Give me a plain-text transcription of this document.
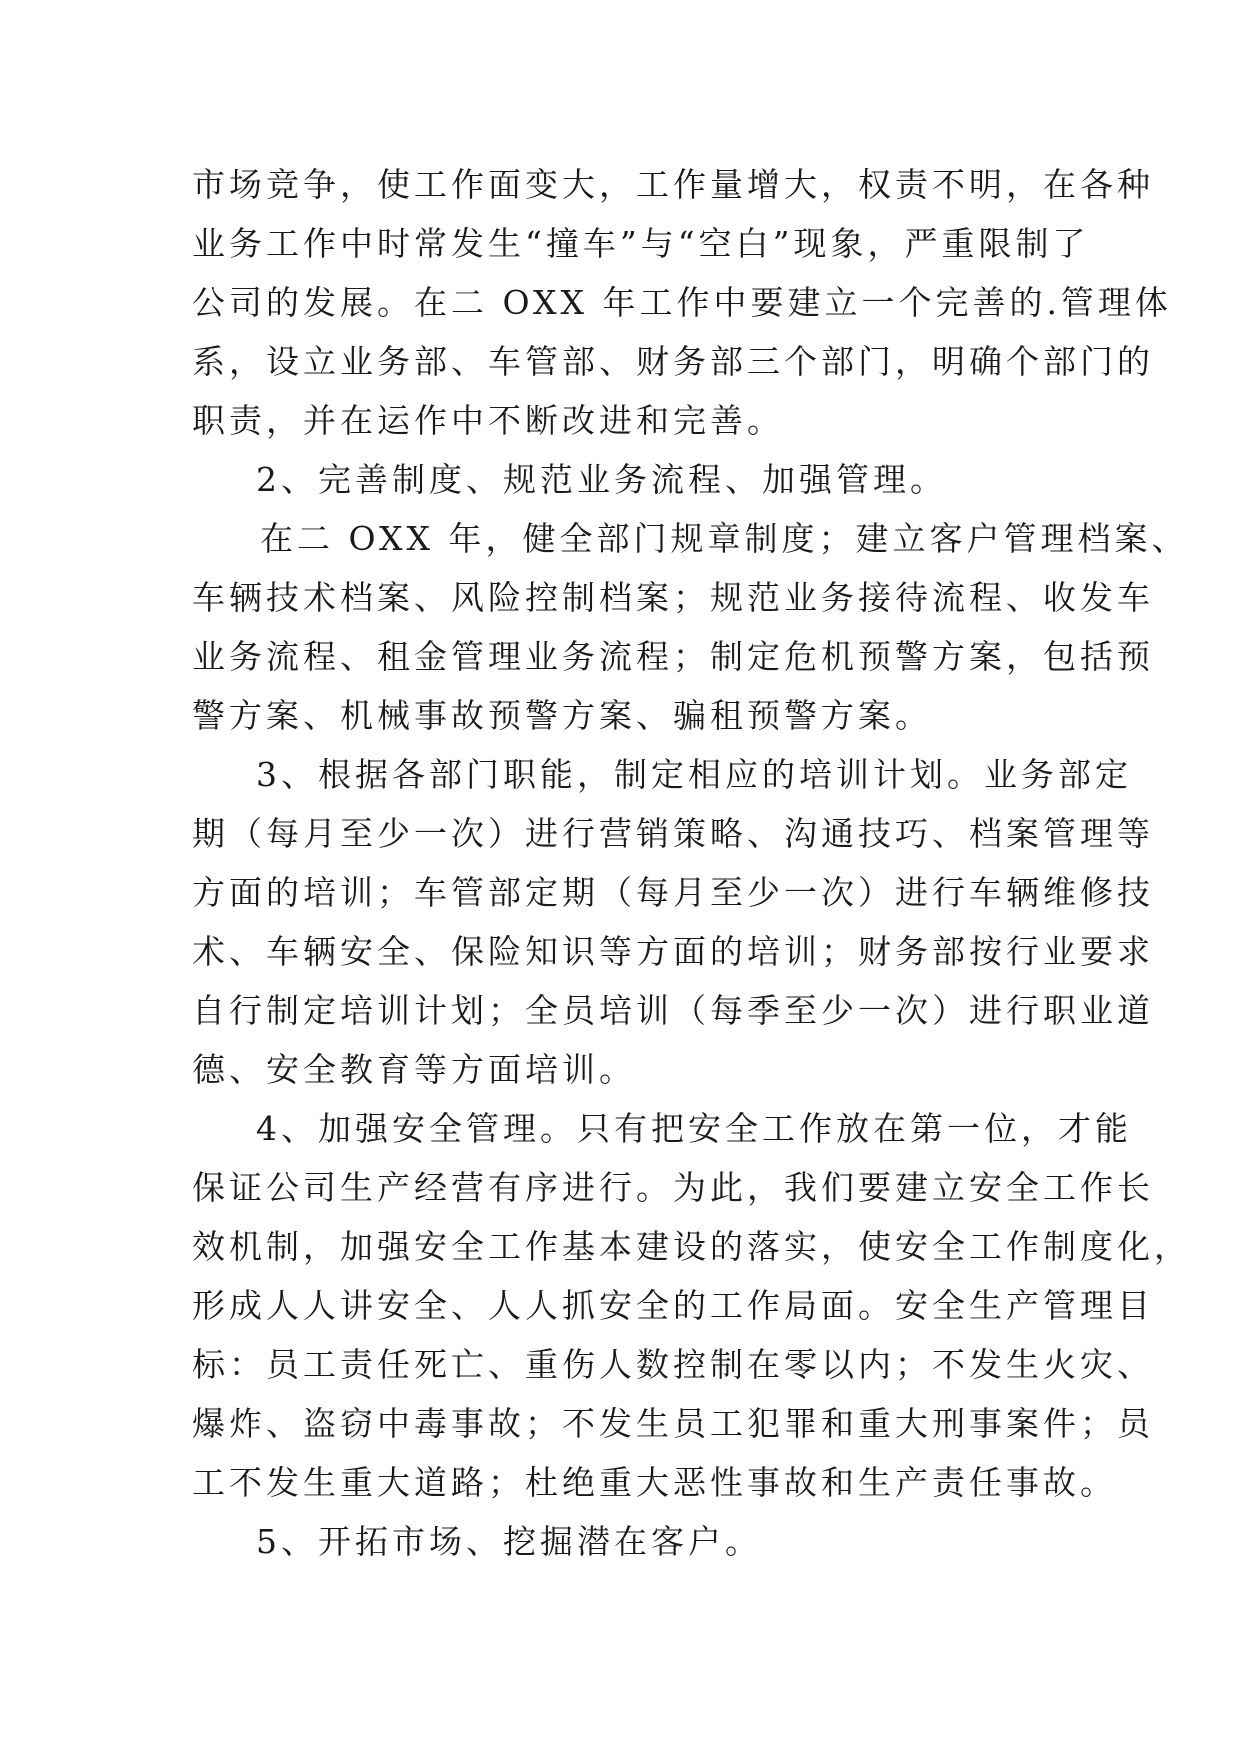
市场竞争，使工作面变大，工作量增大，权责不明，在各种
业务工作中时常发生“撞车”与“空白”现象，严重限制了
公司的发展。在二 OXX 年工作中要建立一个完善的.管理体
系，设立业务部、车管部、财务部三个部门，明确个部门的
职责，并在运作中不断改进和完善。
2、完善制度、规范业务流程、加强管理。
在二 OXX 年，健全部门规章制度；建立客户管理档案、
车辆技术档案、风险控制档案；规范业务接待流程、收发车
业务流程、租金管理业务流程；制定危机预警方案，包括预
警方案、机械事故预警方案、骗租预警方案。
3、根据各部门职能，制定相应的培训计划。业务部定
期（每月至少一次）进行营销策略、沟通技巧、档案管理等
方面的培训；车管部定期（每月至少一次）进行车辆维修技
术、车辆安全、保险知识等方面的培训；财务部按行业要求
自行制定培训计划；全员培训（每季至少一次）进行职业道
德、安全教育等方面培训。
4、加强安全管理。只有把安全工作放在第一位，才能
保证公司生产经营有序进行。为此，我们要建立安全工作长
效机制，加强安全工作基本建设的落实，使安全工作制度化，
形成人人讲安全、人人抓安全的工作局面。安全生产管理目
标：员工责任死亡、重伤人数控制在零以内；不发生火灾、
爆炸、盗窃中毒事故；不发生员工犯罪和重大刑事案件；员
工不发生重大道路；杜绝重大恶性事故和生产责任事故。
5、开拓市场、挖掘潜在客户。
